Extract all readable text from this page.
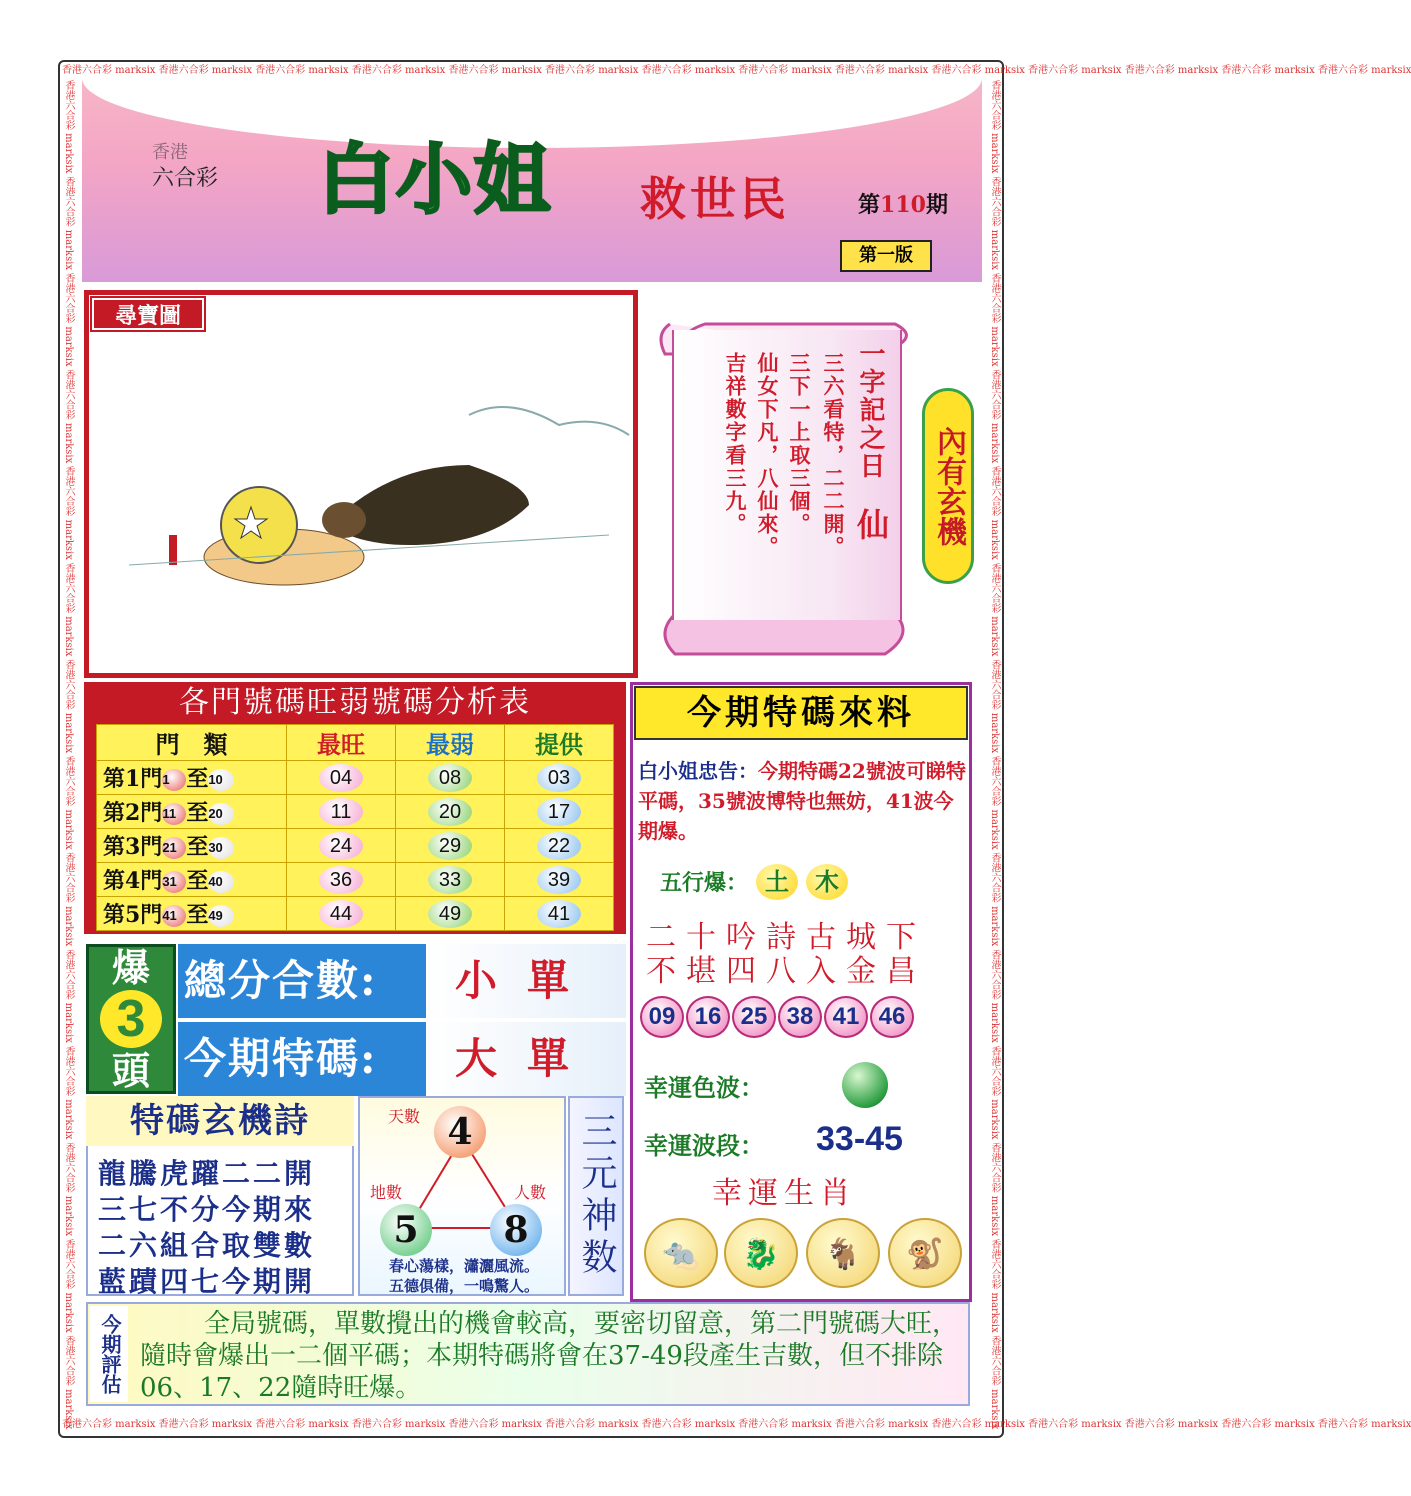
香港六合彩 marksix 香港六合彩 marksix 香港六合彩 marksix 香港六合彩 marksix 香港六合彩 marksix 香港六合彩 marksix 香港六合彩 marksix 香港六合彩 marksix 香港六合彩 marksix 香港六合彩 marksix 香港六合彩 marksix 香港六合彩 marksix 香港六合彩 marksix 香港六合彩 marksix
香港六合彩 marksix 香港六合彩 marksix 香港六合彩 marksix 香港六合彩 marksix 香港六合彩 marksix 香港六合彩 marksix 香港六合彩 marksix 香港六合彩 marksix 香港六合彩 marksix 香港六合彩 marksix 香港六合彩 marksix 香港六合彩 marksix 香港六合彩 marksix 香港六合彩 marksix
香港六合彩 marksix 香港六合彩 marksix 香港六合彩 marksix 香港六合彩 marksix 香港六合彩 marksix 香港六合彩 marksix 香港六合彩 marksix 香港六合彩 marksix 香港六合彩 marksix 香港六合彩 marksix 香港六合彩 marksix 香港六合彩 marksix 香港六合彩 marksix 香港六合彩 marksix	香港六合彩 marksix 香港六合彩 marksix 香港六合彩 marksix 香港六合彩 marksix 香港六合彩 marksix 香港六合彩 marksix 香港六合彩 marksix 香港六合彩 marksix 香港六合彩 marksix 香港六合彩 marksix 香港六合彩 marksix 香港六合彩 marksix 香港六合彩 marksix 香港六合彩 marksix
香港
六合彩 白小姐 救世民	第110期
第一版
尋寶圖
一字記之日
仙
三六看特，二二開。
三下一上取三個。
仙女下凡，八仙來。
吉祥數字看三九。	內有玄機
各門號碼旺弱號碼分析表
門　類	最旺	最弱	提供
第1門1 至10	04	08	03
第2門11 至20	11	20	17
第3門21 至30	24	29	22
第4門31 至40	36	33	39
第5門41 至49	44	49	41
今期特碼來料
白小姐忠告：今期特碼22號波可睇特平碼，35號波博特也無妨，41波今期爆。
五行爆： 土 木
二十吟詩古城下
不堪四八入金昌
09 16 25 38 41 46
幸運色波：
幸運波段： 33-45
幸運生肖
🐀	🐉	🐐	🐒
爆
3
頭
總分合數:	小單
今期特碼:	大單
特碼玄機詩
龍騰虎躍二二開
三七不分今期來
二六組合取雙數
藍蹟四七今期開
天數 4
地數
5
人數
8
春心蕩樣，瀟灑風流。
五德俱備，一鳴驚人。
三元神数
今期評估	全局號碼，單數攪出的機會較高，要密切留意，第二門號碼大旺，隨時會爆出一二個平碼；本期特碼將會在37-49段產生吉數，但不排除06、17、22隨時旺爆。
